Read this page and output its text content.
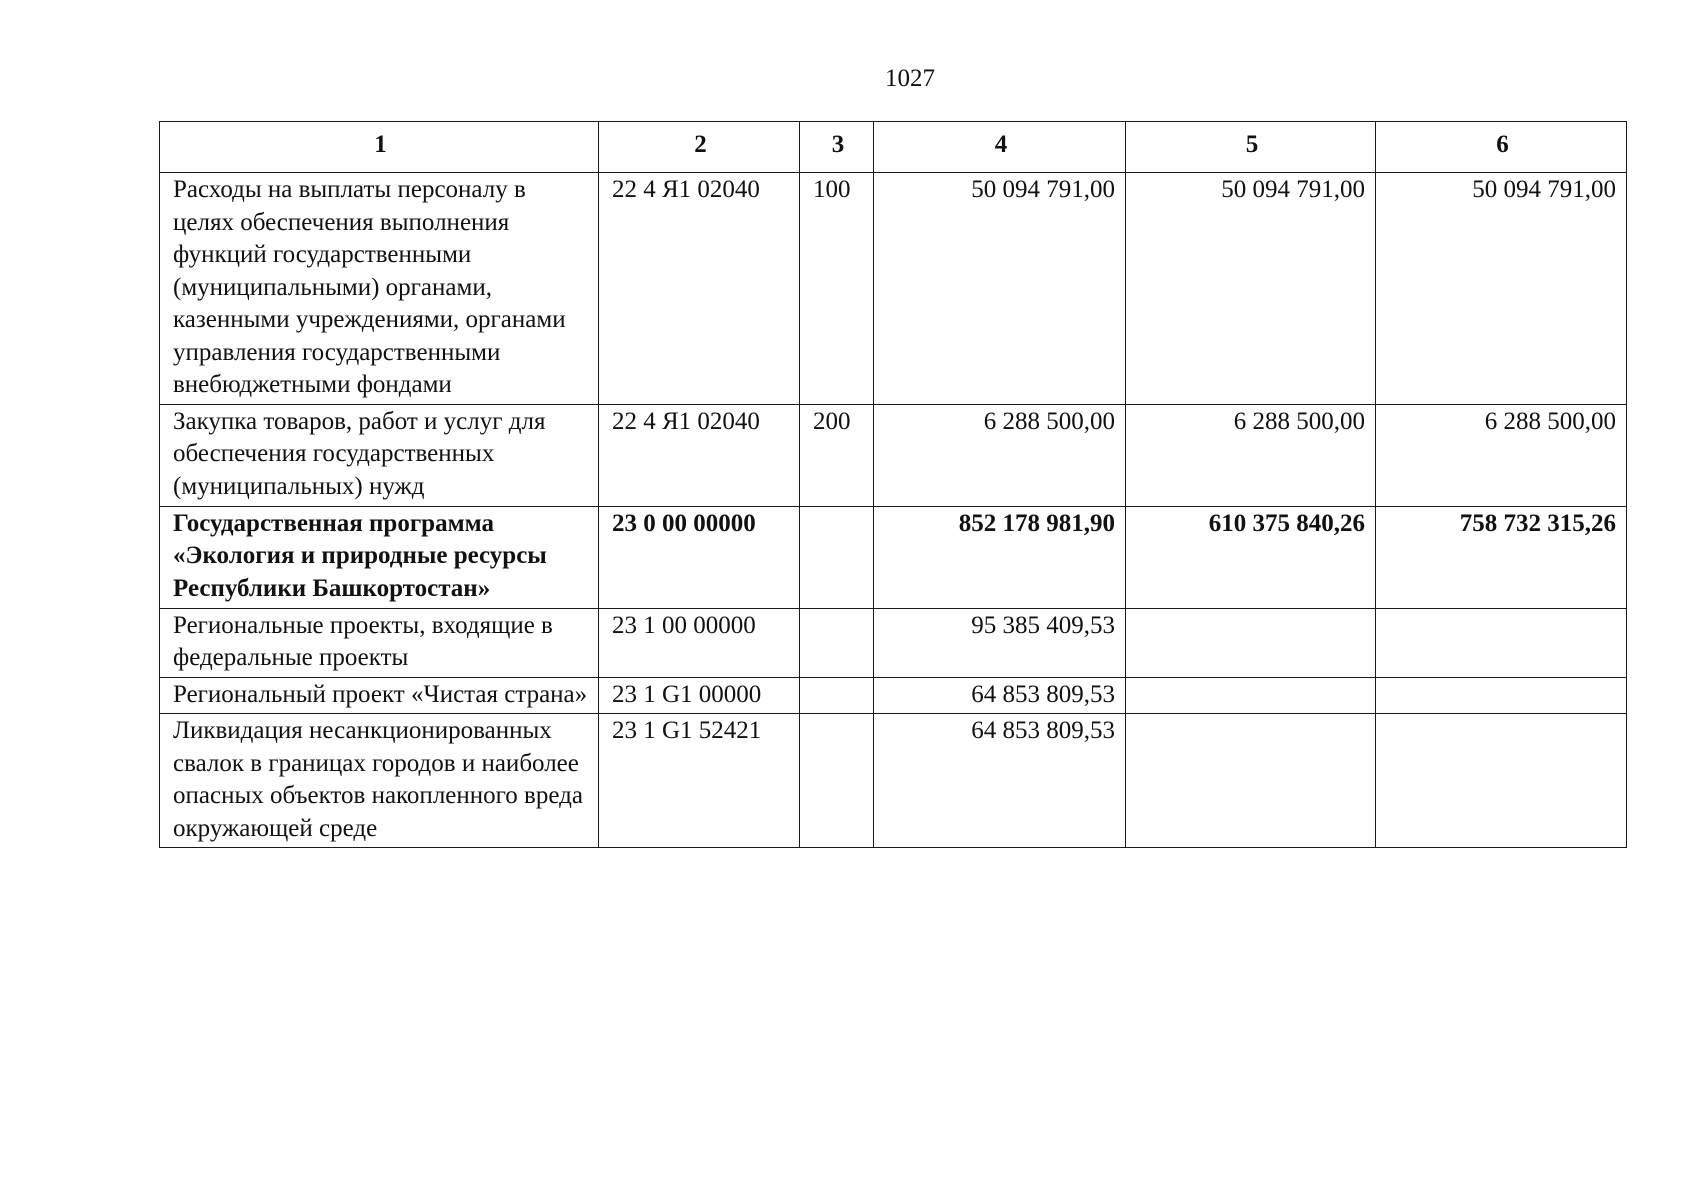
1027
1	2	3	4	5	6
Расходы на выплаты персоналу в целях обеспечения выполнения функций государственными (муниципальными) органами, казенными учреждениями, органами управления государственными внебюджетными фондами	22 4 Я1 02040	100	50 094 791,00	50 094 791,00	50 094 791,00
Закупка товаров, работ и услуг для обеспечения государственных (муниципальных) нужд	22 4 Я1 02040	200	6 288 500,00	6 288 500,00	6 288 500,00
Государственная программа «Экология и природные ресурсы Республики Башкортостан»	23 0 00 00000		852 178 981,90	610 375 840,26	758 732 315,26
Региональные проекты, входящие в федеральные проекты	23 1 00 00000		95 385 409,53		
Региональный проект «Чистая страна»	23 1 G1 00000		64 853 809,53		
Ликвидация несанкционированных свалок в границах городов и наиболее опасных объектов накопленного вреда окружающей среде	23 1 G1 52421		64 853 809,53		
